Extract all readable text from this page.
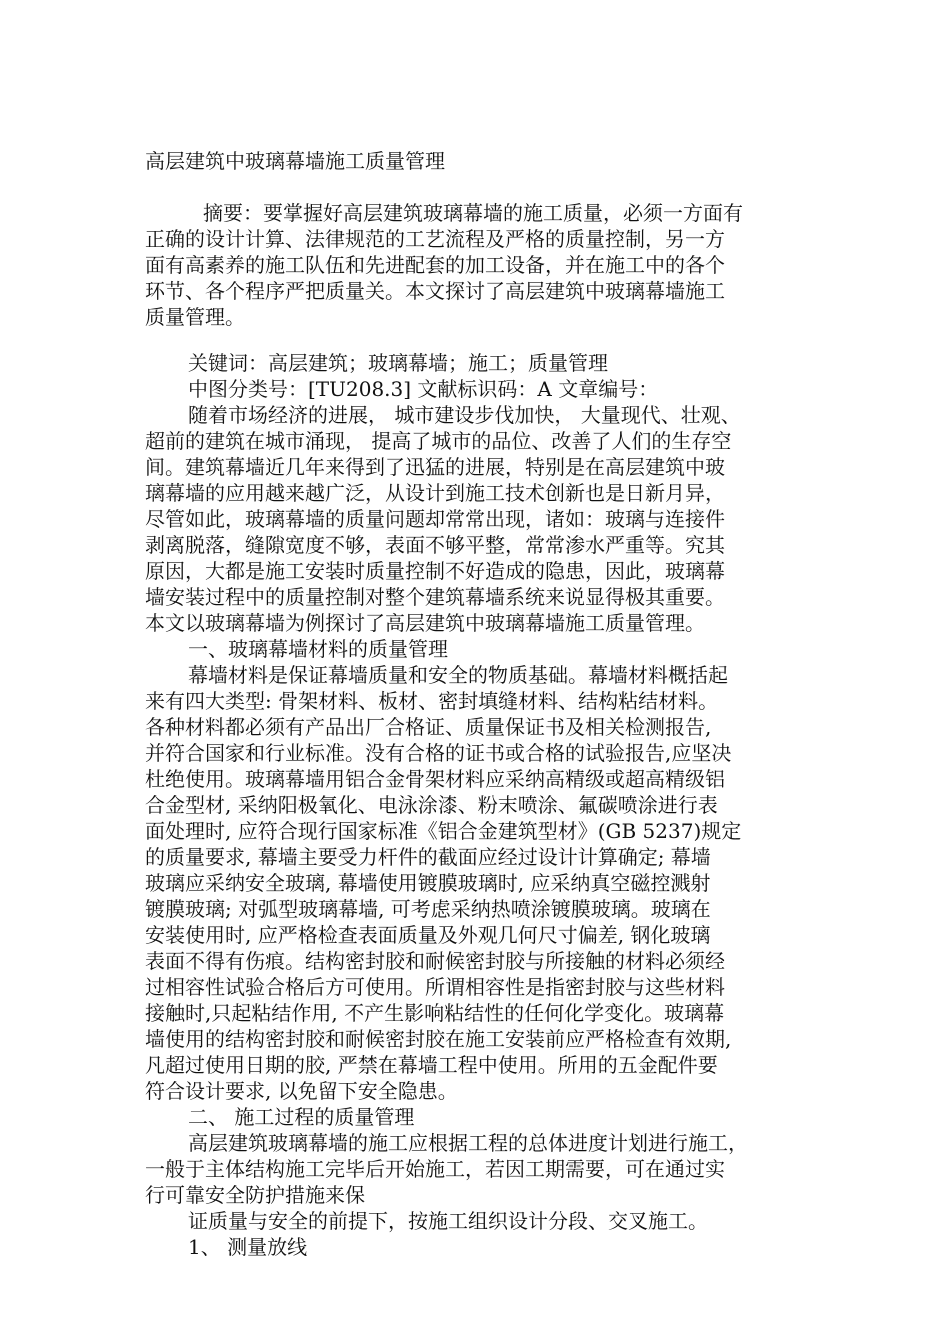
高层建筑中玻璃幕墙施工质量管理
摘要：要掌握好高层建筑玻璃幕墙的施工质量，必须一方面有
正确的设计计算、法律规范的工艺流程及严格的质量控制，另一方
面有高素养的施工队伍和先进配套的加工设备，并在施工中的各个
环节、各个程序严把质量关。本文探讨了高层建筑中玻璃幕墙施工
质量管理。
关键词：高层建筑；玻璃幕墙；施工；质量管理
中图分类号：[TU208.3] 文献标识码：A 文章编号：
随着市场经济的进展， 城市建设步伐加快， 大量现代、壮观、
超前的建筑在城市涌现， 提高了城市的品位、改善了人们的生存空
间。建筑幕墙近几年来得到了迅猛的进展，特别是在高层建筑中玻
璃幕墙的应用越来越广泛，从设计到施工技术创新也是日新月异，
尽管如此，玻璃幕墙的质量问题却常常出现，诸如：玻璃与连接件
剥离脱落，缝隙宽度不够，表面不够平整，常常渗水严重等。究其
原因，大都是施工安装时质量控制不好造成的隐患，因此，玻璃幕
墙安装过程中的质量控制对整个建筑幕墙系统来说显得极其重要。
本文以玻璃幕墙为例探讨了高层建筑中玻璃幕墙施工质量管理。
一、玻璃幕墙材料的质量管理
幕墙材料是保证幕墙质量和安全的物质基础。幕墙材料概括起
来有四大类型: 骨架材料、板材、密封填缝材料、结构粘结材料。
各种材料都必须有产品出厂合格证、质量保证书及相关检测报告,
并符合国家和行业标准。没有合格的证书或合格的试验报告,应坚决
杜绝使用。玻璃幕墙用铝合金骨架材料应采纳高精级或超高精级铝
合金型材, 采纳阳极氧化、电泳涂漆、粉末喷涂、氟碳喷涂进行表
面处理时, 应符合现行国家标准《铝合金建筑型材》(GB 5237)规定
的质量要求, 幕墙主要受力杆件的截面应经过设计计算确定; 幕墙
玻璃应采纳安全玻璃, 幕墙使用镀膜玻璃时, 应采纳真空磁控溅射
镀膜玻璃; 对弧型玻璃幕墙, 可考虑采纳热喷涂镀膜玻璃。玻璃在
安装使用时, 应严格检查表面质量及外观几何尺寸偏差, 钢化玻璃
表面不得有伤痕。结构密封胶和耐候密封胶与所接触的材料必须经
过相容性试验合格后方可使用。所谓相容性是指密封胶与这些材料
接触时,只起粘结作用, 不产生影响粘结性的任何化学变化。玻璃幕
墙使用的结构密封胶和耐候密封胶在施工安装前应严格检查有效期,
凡超过使用日期的胶, 严禁在幕墙工程中使用。所用的五金配件要
符合设计要求, 以免留下安全隐患。
二、 施工过程的质量管理
高层建筑玻璃幕墙的施工应根据工程的总体进度计划进行施工，
一般于主体结构施工完毕后开始施工，若因工期需要，可在通过实
行可靠安全防护措施来保
证质量与安全的前提下，按施工组织设计分段、交叉施工。
1、 测量放线
